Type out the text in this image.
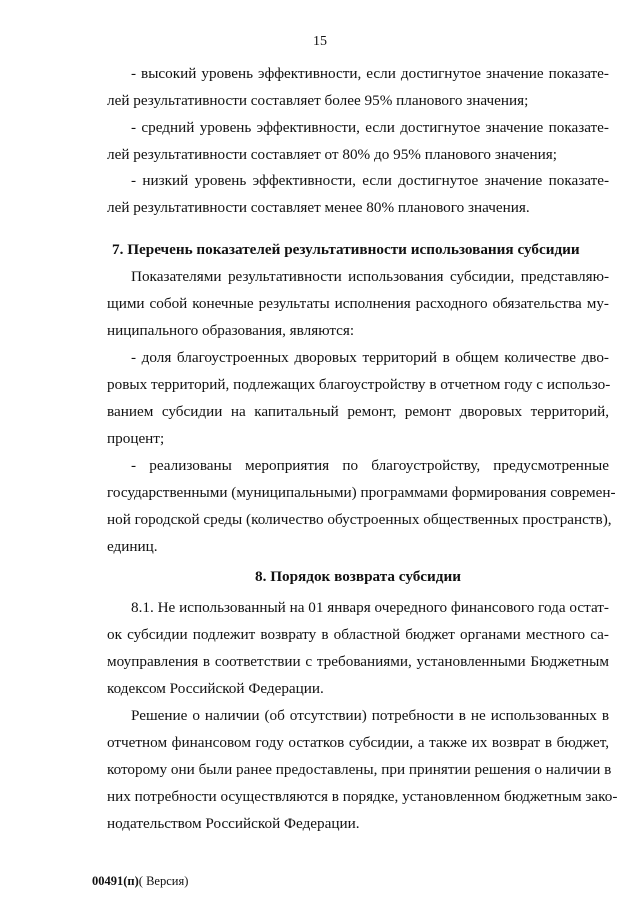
15
- высокий уровень эффективности, если достигнутое значение показате-
лей результативности составляет более 95% планового значения;
- средний уровень эффективности, если достигнутое значение показате-
лей результативности составляет от 80% до 95% планового значения;
- низкий уровень эффективности, если достигнутое значение показате-
лей результативности составляет менее 80% планового значения.
7. Перечень показателей результативности использования субсидии
Показателями результативности использования субсидии, представляю-
щими собой конечные результаты исполнения расходного обязательства му-
ниципального образования, являются:
- доля благоустроенных дворовых территорий в общем количестве дво-
ровых территорий, подлежащих благоустройству в отчетном году с использо-
ванием субсидии на капитальный ремонт, ремонт дворовых территорий,
процент;
- реализованы мероприятия по благоустройству, предусмотренные
государственными (муниципальными) программами формирования современ-
ной городской среды (количество обустроенных общественных пространств),
единиц.
8. Порядок возврата субсидии
8.1. Не использованный на 01 января очередного финансового года остат-
ок субсидии подлежит возврату в областной бюджет органами местного са-
моуправления в соответствии с требованиями, установленными Бюджетным
кодексом Российской Федерации.
Решение о наличии (об отсутствии) потребности в не использованных в
отчетном финансовом году остатков субсидии, а также их возврат в бюджет,
которому они были ранее предоставлены, при принятии решения о наличии в
них потребности осуществляются в порядке, установленном бюджетным зако-
нодательством Российской Федерации.
00491(п)( Версия)
